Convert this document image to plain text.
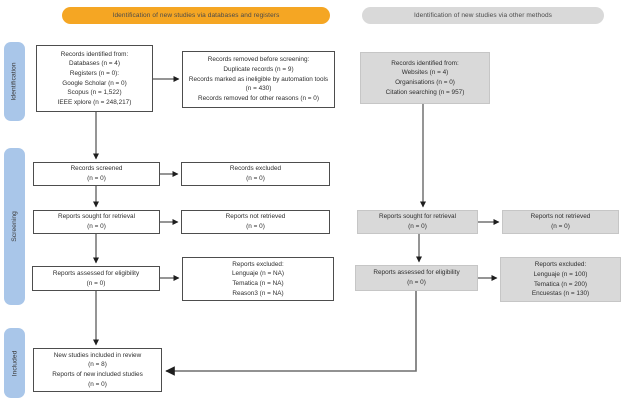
Identification of new studies via databases and registers	Identification of new studies via other methods
Identification
Screening
Included
Records identified from:
Databases (n = 4)
Registers (n = 0):
Google Scholar (n = 0)
Scopus (n = 1,522)
IEEE xplore (n = 248,217)
Records removed before screening:
Duplicate records (n = 9)
Records marked as ineligible by automation tools (n = 430)
Records removed for other reasons (n = 0)
Records screened
(n = 0)
Records excluded
(n = 0)
Reports sought for retrieval
(n = 0)
Reports not retrieved
(n = 0)
Reports assessed for eligibility
(n = 0)
Reports excluded:
Lenguaje (n = NA)
Tematica (n = NA)
Reason3 (n = NA)
New studies included in review
(n = 8)
Reports of new included studies
(n = 0)
Records identified from:
Websites (n = 4)
Organisations (n = 0)
Citation searching (n = 957)
Reports sought for retrieval
(n = 0)
Reports not retrieved
(n = 0)
Reports assessed for eligibility
(n = 0)
Reports excluded:
Lenguaje (n = 100)
Tematica (n = 200)
Encuestas (n = 130)
